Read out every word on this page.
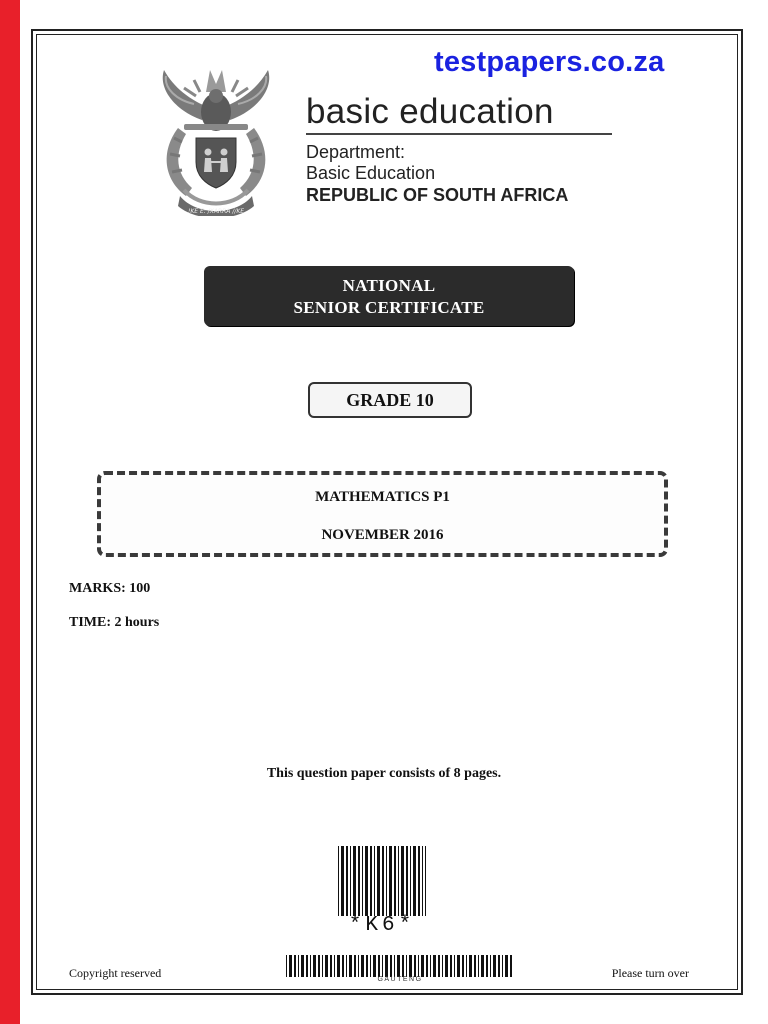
testpapers.co.za
!KE E: /XARRA //KE
basic education
Department:
Basic Education
REPUBLIC OF SOUTH AFRICA
NATIONAL
SENIOR CERTIFICATE
GRADE 10
MATHEMATICS P1
NOVEMBER 2016
MARKS: 100
TIME: 2 hours
This question paper consists of 8 pages.
*K6*
GAUTENG
Copyright reserved	Please turn over
